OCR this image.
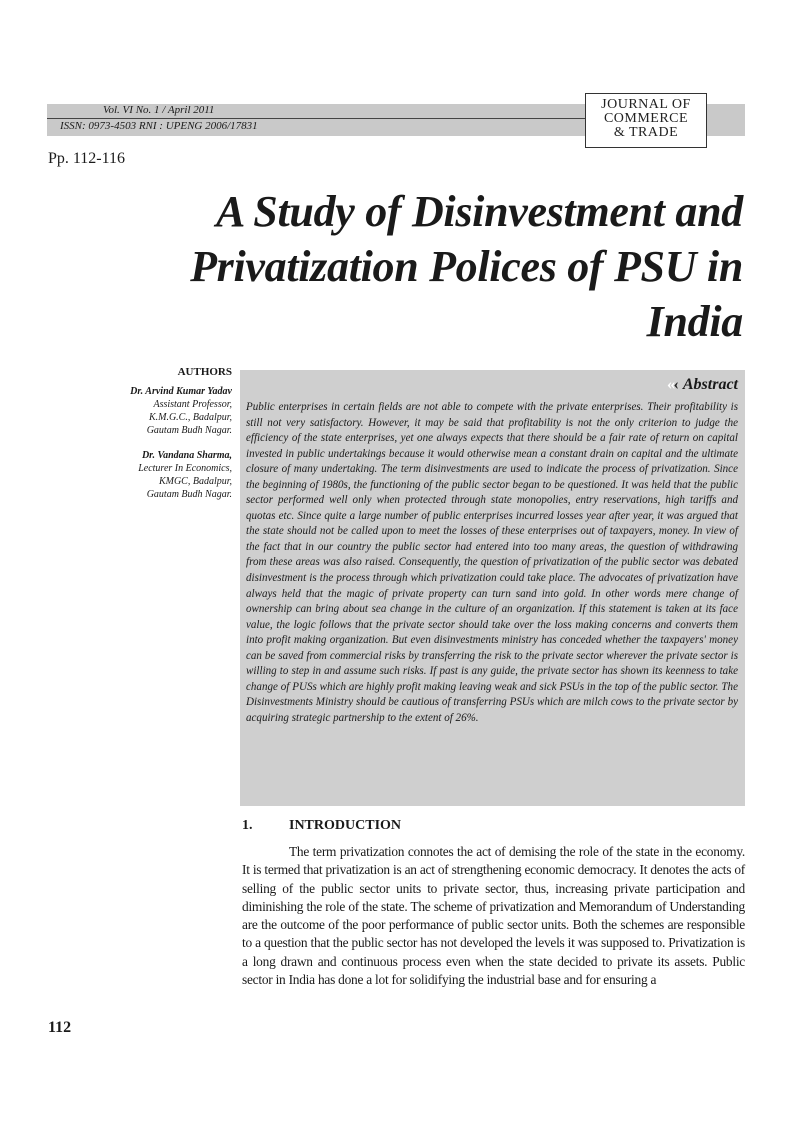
Vol. VI No. 1 / April 2011
ISSN: 0973-4503 RNI : UPENG 2006/17831
JOURNAL OF
COMMERCE
& TRADE
Pp. 112-116
A Study of Disinvestment and Privatization Polices of PSU in India
AUTHORS
Dr. Arvind Kumar Yadav
Assistant Professor,
K.M.G.C., Badalpur,
Gautam Budh Nagar.
Dr. Vandana Sharma,
Lecturer In Economics,
KMGC, Badalpur,
Gautam Budh Nagar.
‹‹‹ Abstract
Public enterprises in certain fields are not able to compete with the private enterprises. Their profitability is still not very satisfactory. However, it may be said that profitability is not the only criterion to judge the efficiency of the state enterprises, yet one always expects that there should be a fair rate of return on capital invested in public undertakings because it would otherwise mean a constant drain on capital and the ultimate closure of many undertaking. The term disinvestments are used to indicate the process of privatization. Since the beginning of 1980s, the functioning of the public sector began to be questioned. It was held that the public sector performed well only when protected through state monopolies, entry reservations, high tariffs and quotas etc. Since quite a large number of public enterprises incurred losses year after year, it was argued that the state should not be called upon to meet the losses of these enterprises out of taxpayers, money. In view of the fact that in our country the public sector had entered into too many areas, the question of withdrawing from these areas was also raised. Consequently, the question of privatization of the public sector was debated disinvestment is the process through which privatization could take place. The advocates of privatization have always held that the magic of private property can turn sand into gold. In other words mere change of ownership can bring about sea change in the culture of an organization. If this statement is taken at its face value, the logic follows that the private sector should take over the loss making concerns and converts them into profit making organization. But even disinvestments ministry has conceded whether the taxpayers' money can be saved from commercial risks by transferring the risk to the private sector wherever the private sector is willing to step in and assume such risks. If past is any guide, the private sector has shown its keenness to take change of PUSs which are highly profit making leaving weak and sick PSUs in the top of the public sector. The Disinvestments Ministry should be cautious of transferring PSUs which are milch cows to the private sector by acquiring strategic partnership to the extent of 26%.
1.	INTRODUCTION
The term privatization connotes the act of demising the role of the state in the economy. It is termed that privatization is an act of strengthening economic democracy. It denotes the acts of selling of the public sector units to private sector, thus, increasing private participation and diminishing the role of the state. The scheme of privatization and Memorandum of Understanding are the outcome of the poor performance of public sector units. Both the schemes are responsible to a question that the public sector has not developed the levels it was supposed to. Privatization is a long drawn and continuous process even when the state decided to private its assets. Public sector in India has done a lot for solidifying the industrial base and for ensuring a
112
